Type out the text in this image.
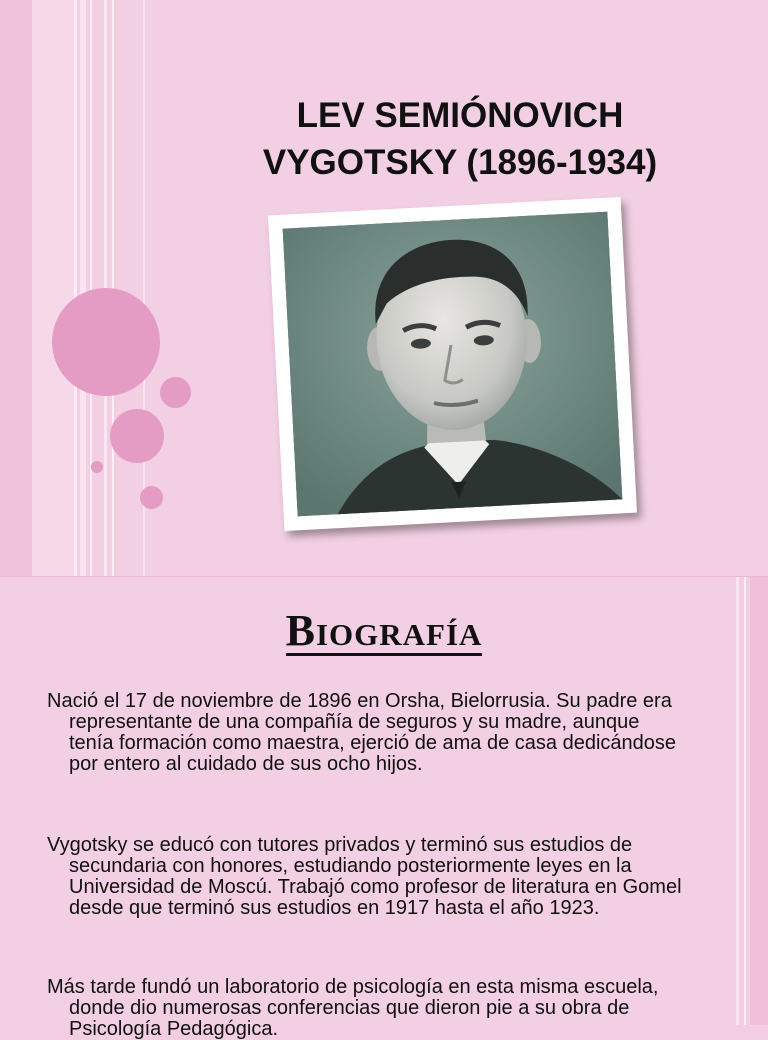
LEV SEMIÓNOVICH
VYGOTSKY (1896-1934)
Biografía
Nació el 17 de noviembre de 1896 en Orsha, Bielorrusia. Su padre era representante de una compañía de seguros y su madre, aunque tenía formación como maestra, ejerció de ama de casa dedicándose por entero al cuidado de sus ocho hijos.
Vygotsky se educó con tutores privados y terminó sus estudios de secundaria con honores, estudiando posteriormente leyes en la Universidad de Moscú. Trabajó como profesor de literatura en Gomel desde que terminó sus estudios en 1917 hasta el año 1923.
Más tarde fundó un laboratorio de psicología en esta misma escuela, donde dio numerosas conferencias que dieron pie a su obra de Psicología Pedagógica.
